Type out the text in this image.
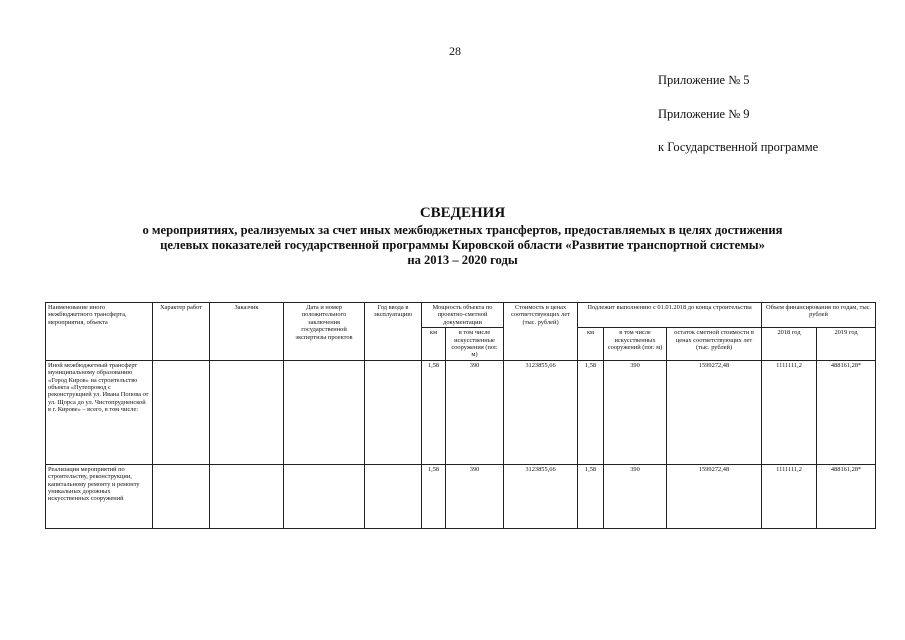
28
Приложение № 5
Приложение № 9
к Государственной программе
СВЕДЕНИЯ
о мероприятиях, реализуемых за счет иных межбюджетных трансфертов, предоставляемых в целях достижения
целевых показателей государственной программы Кировской области «Развитие транспортной системы»
на 2013 – 2020 годы
Наименование иного межбюджетного трансферта, мероприятия, объекта	Характер работ	Заказчик	Дата и номер положительного заключения государственной экспертизы проектов	Год ввода в эксплуатацию	Мощность объекта по проектно-сметной документации		Стоимость в ценах соответствующих лет (тыс. рублей)	Подлежит выполнению с 01.01.2018 до конца строительства			Объем финансирования по годам, тыс. рублей	
					км	в том числе искусственные сооружения (пог. м)		км	в том числе искусственных сооружений (пог. м)	остаток сметной стоимости в ценах соответствующих лет (тыс. рублей)	2018 год	2019 год
Иной межбюджетный трансферт муниципальному образованию «Город Киров» на строительство объекта «Путепровод с реконструкцией ул. Ивана Попова от ул. Щорса до ул. Чистопрудненской в г. Кирове» – всего, в том числе:					1,58	390	3123855,66	1,58	390	1599272,48	1111111,2	488161,28*
Реализация мероприятий по строительству, реконструкции, капитальному ремонту и ремонту уникальных дорожных искусственных сооружений					1,58	390	3123855,66	1,58	390	1599272,48	1111111,2	488161,28*
